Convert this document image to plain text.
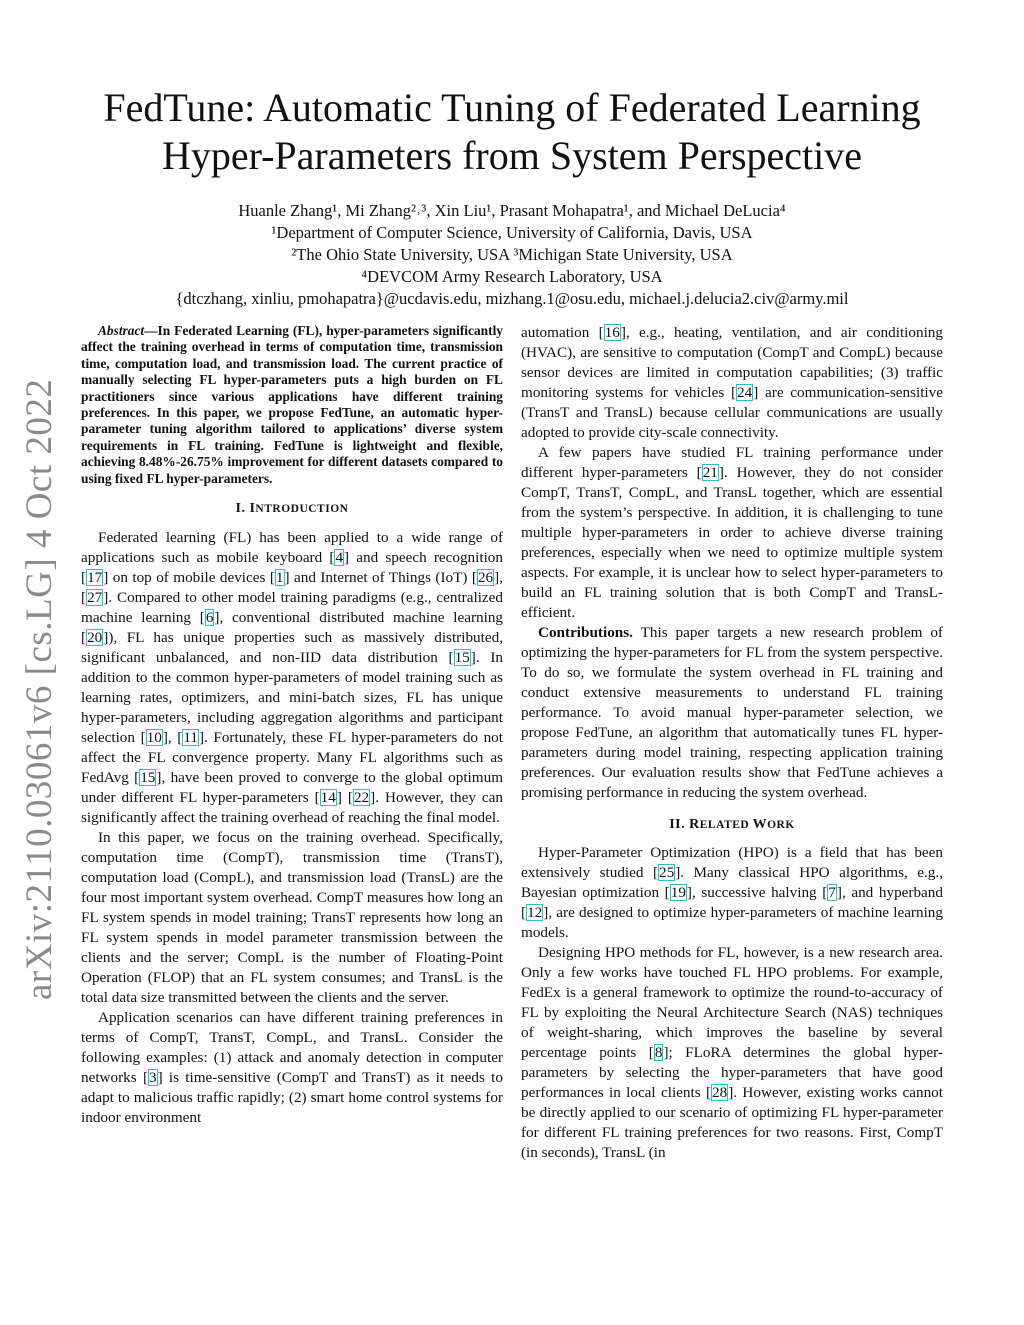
arXiv:2110.03061v6 [cs.LG] 4 Oct 2022
FedTune: Automatic Tuning of Federated Learning
Hyper-Parameters from System Perspective
Huanle Zhang¹, Mi Zhang²˒³, Xin Liu¹, Prasant Mohapatra¹, and Michael DeLucia⁴
¹Department of Computer Science, University of California, Davis, USA
²The Ohio State University, USA ³Michigan State University, USA
⁴DEVCOM Army Research Laboratory, USA
{dtczhang, xinliu, pmohapatra}@ucdavis.edu, mizhang.1@osu.edu, michael.j.delucia2.civ@army.mil

Abstract—In Federated Learning (FL), hyper-parameters significantly affect the training overhead in terms of computation time, transmission time, computation load, and transmission load. The current practice of manually selecting FL hyper-parameters puts a high burden on FL practitioners since various applications have different training preferences. In this paper, we propose FedTune, an automatic hyper-parameter tuning algorithm tailored to applications’ diverse system requirements in FL training. FedTune is lightweight and flexible, achieving 8.48%-26.75% improvement for different datasets compared to using fixed FL hyper-parameters.

I. INTRODUCTION

Federated learning (FL) has been applied to a wide range of applications such as mobile keyboard [4] and speech recognition [17] on top of mobile devices [1] and Internet of Things (IoT) [26], [27]. Compared to other model training paradigms (e.g., centralized machine learning [6], conventional distributed machine learning [20]), FL has unique properties such as massively distributed, significant unbalanced, and non-IID data distribution [15]. In addition to the common hyper-parameters of model training such as learning rates, optimizers, and mini-batch sizes, FL has unique hyper-parameters, including aggregation algorithms and participant selection [10], [11]. Fortunately, these FL hyper-parameters do not affect the FL convergence property. Many FL algorithms such as FedAvg [15], have been proved to converge to the global optimum under different FL hyper-parameters [14] [22]. However, they can significantly affect the training overhead of reaching the final model.

In this paper, we focus on the training overhead. Specifically, computation time (CompT), transmission time (TransT), computation load (CompL), and transmission load (TransL) are the four most important system overhead. CompT measures how long an FL system spends in model training; TransT represents how long an FL system spends in model parameter transmission between the clients and the server; CompL is the number of Floating-Point Operation (FLOP) that an FL system consumes; and TransL is the total data size transmitted between the clients and the server.

Application scenarios can have different training preferences in terms of CompT, TransT, CompL, and TransL. Consider the following examples: (1) attack and anomaly detection in computer networks [3] is time-sensitive (CompT and TransT) as it needs to adapt to malicious traffic rapidly; (2) smart home control systems for indoor environment

automation [16], e.g., heating, ventilation, and air conditioning (HVAC), are sensitive to computation (CompT and CompL) because sensor devices are limited in computation capabilities; (3) traffic monitoring systems for vehicles [24] are communication-sensitive (TransT and TransL) because cellular communications are usually adopted to provide city-scale connectivity.

A few papers have studied FL training performance under different hyper-parameters [21]. However, they do not consider CompT, TransT, CompL, and TransL together, which are essential from the system’s perspective. In addition, it is challenging to tune multiple hyper-parameters in order to achieve diverse training preferences, especially when we need to optimize multiple system aspects. For example, it is unclear how to select hyper-parameters to build an FL training solution that is both CompT and TransL-efficient.

Contributions. This paper targets a new research problem of optimizing the hyper-parameters for FL from the system perspective. To do so, we formulate the system overhead in FL training and conduct extensive measurements to understand FL training performance. To avoid manual hyper-parameter selection, we propose FedTune, an algorithm that automatically tunes FL hyper-parameters during model training, respecting application training preferences. Our evaluation results show that FedTune achieves a promising performance in reducing the system overhead.

II. RELATED WORK

Hyper-Parameter Optimization (HPO) is a field that has been extensively studied [25]. Many classical HPO algorithms, e.g., Bayesian optimization [19], successive halving [7], and hyperband [12], are designed to optimize hyper-parameters of machine learning models.

Designing HPO methods for FL, however, is a new research area. Only a few works have touched FL HPO problems. For example, FedEx is a general framework to optimize the round-to-accuracy of FL by exploiting the Neural Architecture Search (NAS) techniques of weight-sharing, which improves the baseline by several percentage points [8]; FLoRA determines the global hyper-parameters by selecting the hyper-parameters that have good performances in local clients [28]. However, existing works cannot be directly applied to our scenario of optimizing FL hyper-parameter for different FL training preferences for two reasons. First, CompT (in seconds), TransL (in
